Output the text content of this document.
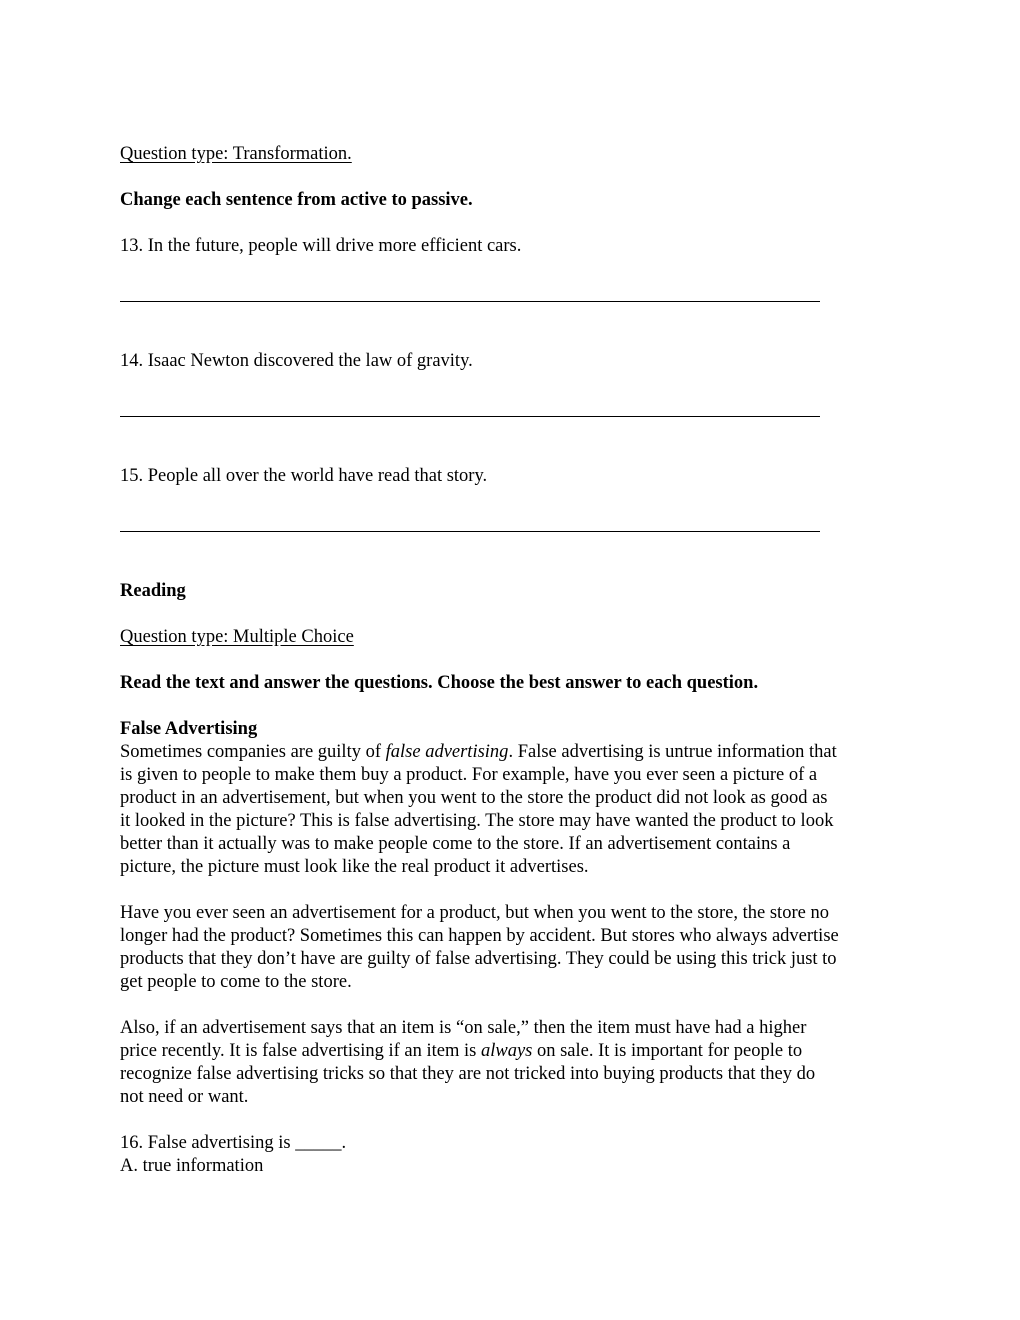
Question type: Transformation.
Change each sentence from active to passive.
13. In the future, people will drive more efficient cars.
14. Isaac Newton discovered the law of gravity.
15. People all over the world have read that story.
Reading
Question type: Multiple Choice
Read the text and answer the questions. Choose the best answer to each question.

False Advertising

Sometimes companies are guilty of false advertising. False advertising is untrue information that

is given to people to make them buy a product. For example, have you ever seen a picture of a

product in an advertisement, but when you went to the store the product did not look as good as

it looked in the picture? This is false advertising. The store may have wanted the product to look

better than it actually was to make people come to the store. If an advertisement contains a

picture, the picture must look like the real product it advertises.

Have you ever seen an advertisement for a product, but when you went to the store, the store no

longer had the product? Sometimes this can happen by accident. But stores who always advertise

products that they don’t have are guilty of false advertising. They could be using this trick just to

get people to come to the store.

Also, if an advertisement says that an item is “on sale,” then the item must have had a higher

price recently. It is false advertising if an item is always on sale. It is important for people to

recognize false advertising tricks so that they are not tricked into buying products that they do

not need or want.

16. False advertising is _____.

A. true information
